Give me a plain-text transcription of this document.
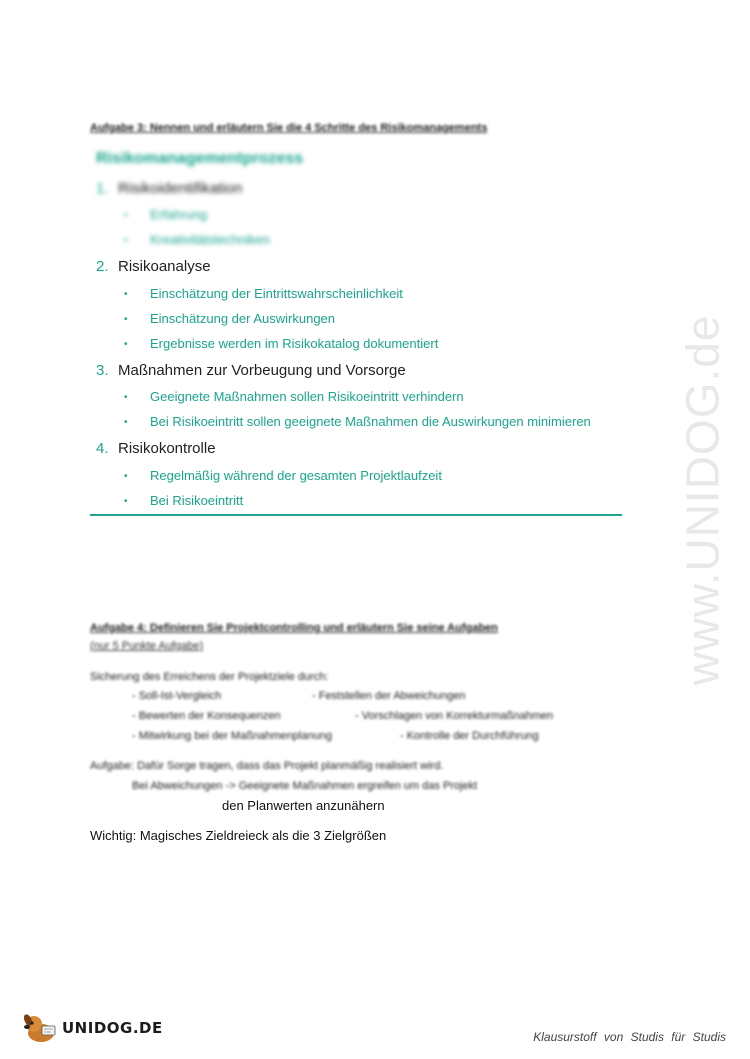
www.UNIDOG.de
Aufgabe 3: Nennen und erläutern Sie die 4 Schritte des Risikomanagements
Risikomanagementprozess
1. Risikoidentifikation
• Erfahrung
• Kreativitätstechniken
2. Risikoanalyse
• Einschätzung der Eintrittswahrscheinlichkeit
• Einschätzung der Auswirkungen
• Ergebnisse werden im Risikokatalog dokumentiert
3. Maßnahmen zur Vorbeugung und Vorsorge
• Geeignete Maßnahmen sollen Risikoeintritt verhindern
• Bei Risikoeintritt sollen geeignete Maßnahmen die Auswirkungen minimieren
4. Risikokontrolle
• Regelmäßig während der gesamten Projektlaufzeit
• Bei Risikoeintritt
Aufgabe 4: Definieren Sie Projektcontrolling und erläutern Sie seine Aufgaben
(nur 5 Punkte Aufgabe)
Sicherung des Erreichens der Projektziele durch:
- Soll-Ist-Vergleich	- Feststellen der Abweichungen
- Bewerten der Konsequenzen	- Vorschlagen von Korrekturmaßnahmen
- Mitwirkung bei der Maßnahmenplanung	- Kontrolle der Durchführung
Aufgabe: Dafür Sorge tragen, dass das Projekt planmäßig realisiert wird.
Bei Abweichungen -> Geeignete Maßnahmen ergreifen um das Projekt
den Planwerten anzunähern
Wichtig: Magisches Zieldreieck als die 3 Zielgrößen
UNIDOG.DE	Klausurstoff von Studis für Studis
